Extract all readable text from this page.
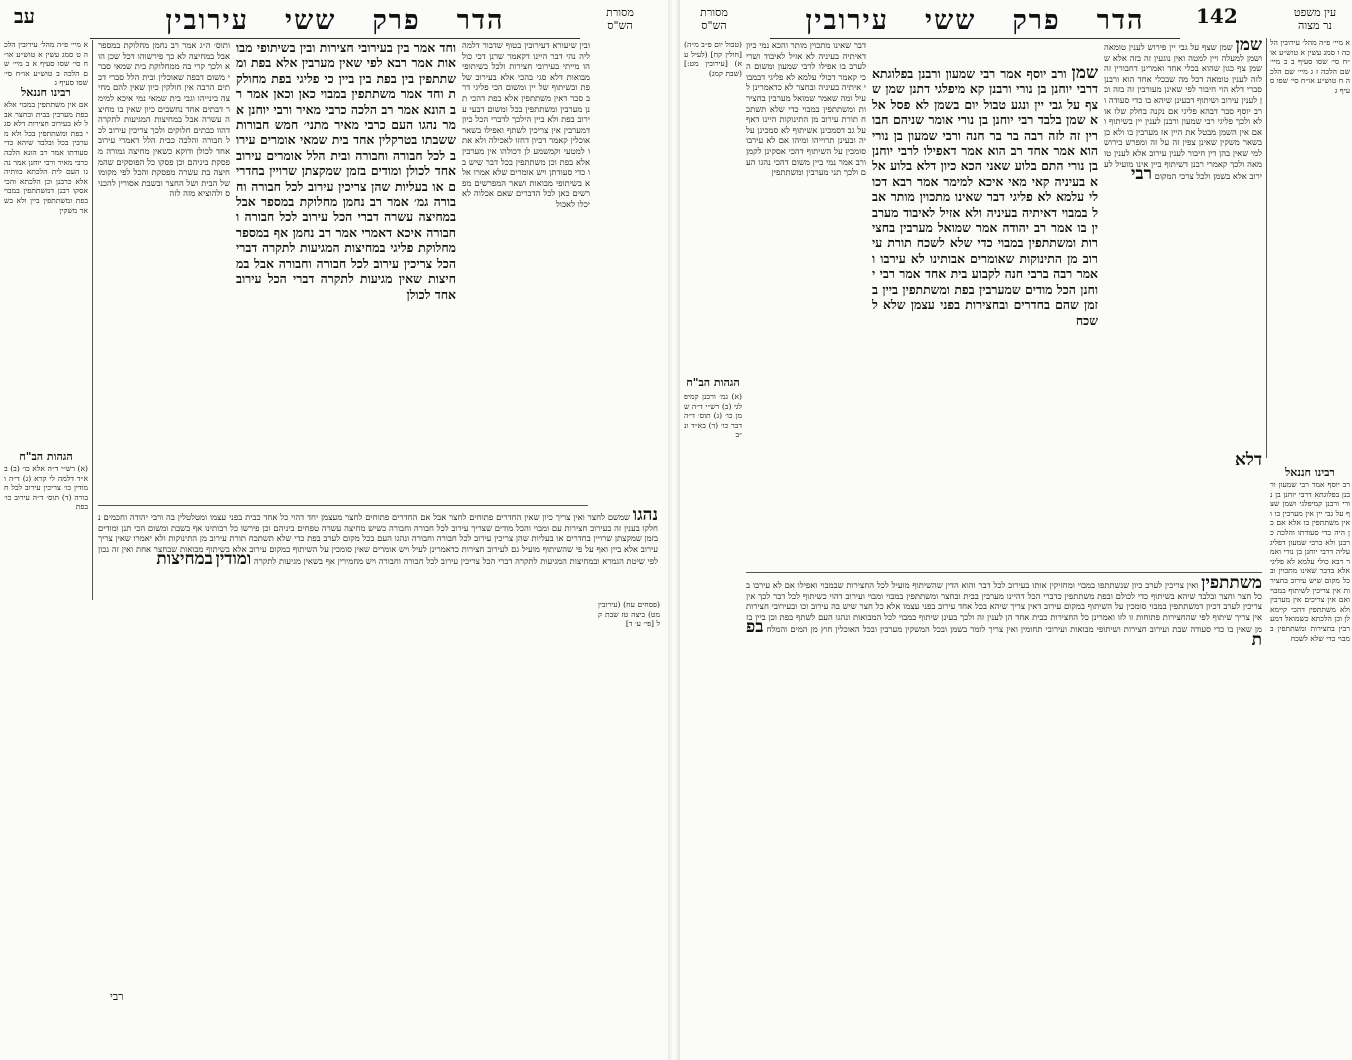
עב	הדר
פרק
ששי
עירובין	מסורת
הש"ס
א מיי׳ פ״ה מהל׳ עירובין הלכה ט סמג עשין א טוש״ע או״ח סי׳ שסו סעיף א ב מיי׳ שם הלכה ב טוש״ע או״ח סי׳ שסו סעיף ג
רבינו חננאל
אם אין משתתפין במבוי אלא בפת מערבין בבית ובחצר אבל לא בעירוב חצירות דלא סגי בפת ומשתתפין בכל ולא מערבין בכל ובלבד שיהא כדי סעודתו אמר רב הונא הלכה כרבי מאיר ורבי יוחנן אמר נהגו העם לית הלכתא כוותיה אלא כרבנן וכן הלכתא והכי אסקו רבנן דמשתתפין במבוי בפת ומשתתפין ביין ולא בשאר משקין
הגהות הב"ח
(א) רש״י ד״ה אלא כו׳ (ב) בא״ד דלמה לי קרא (ג) ד״ה ומודין כו׳ צריכין עירוב לכל חבורה (ד) תוס׳ ד״ה עירוב כו׳ בפת
ותוס׳ ה״ג אמר רב נחמן מחלוקת במספר אבל במחיצה לא כך פירשוהו דכל שכן הוא ולכך קרי בה ממחלוקת בית שמאי סברי משום דבפה שאוכלין ובית הלל סברי דבתים הרבה אין חולקין כיון שאין להם מחיצה בינייהו וגבי בית שמאי נמי איכא למימר דבתים אחד נחשבים כיון שאין בו מחיצה עשרה אבל במחיצות המגיעות לתקרה דהוו כבתים חלוקים ולכך צריכין עירוב לכל חבורה והלכה כבית הלל דאמרי עירוב אחד לכולן ודוקא כשאין מחיצה גמורה מפסקת ביניהם וכן פסקו כל הפוסקים שהמחיצה בת עשרה מפסקת והכל לפי מקומו של הבית ושל החצר ובשבת אסורין להכניס ולהוציא מזה לזה
וחד אמר בין בעירובי חצירות ובין בשיתופי מבואות אמר רבא לפי שאין מערבין אלא בפת ומשתתפין בין בפת בין ביין כי פליגי בפת מחולקת וחד אמר משתתפין במבוי כאן וכאן אמר רב הונא אמר רב הלכה כרבי מאיר ורבי יוחנן אמר נהגו העם כרבי מאיר מתני׳ חמש חבורות ששבתו בטרקלין אחד בית שמאי אומרים עירוב לכל חבורה וחבורה ובית הלל אומרים עירוב אחד לכולן ומודים בזמן שמקצתן שרויין בחדרים או בעליות שהן צריכין עירוב לכל חבורה וחבורה גמ׳ אמר רב נחמן מחלוקת במספר אבל במחיצה עשרה דברי הכל עירוב לכל חבורה וחבורה איכא דאמרי אמר רב נחמן אף במספר מחלוקת פליגי במחיצות המגיעות לתקרה דברי הכל צריכין עירוב לכל חבורה וחבורה אבל במחיצות שאין מגיעות לתקרה דברי הכל עירוב אחד לכולן
ובין שיעורא דעירובין בטוף שדבור דלמה ליה נהי דבר היינו דקאמר שרנן דכי כולהו מייתי בעירובי חצירות ולכל בשיתופי מבואות דלא סגי בהכי אלא בעירוב של פת ובשיתוף של יין ומשום הכי פליגי דרב סבר דאין משתתפין אלא בפת דהכי תנן מערבין ומשתתפין בכל ומשום דבעי עירוב בפת ולא ביין הילכך לדברי הכל כיון דמערבין אין צריכין לשתף ואפילו בשאר אוכלין קאמר דכיון דחזו לאכילה ולא אתו למטעי וקמשמע לן דכולהו אין מערבין אלא בפת וכן משתתפין בכל דבר שיש בו כדי סעודתן ויש אומרים שלא אמרו אלא בשיתופי מבואות ושאר המפרשים מפרשים כאן לכל הדברים שאם אכלוה לא יכלו לאכול
(פסחים עח) (עירובין מט) ביצה טז שבת קל [פי׳ ע׳ ד]
נהגו שמשם לחצר ואין צריך כיון שאין החדרים פתוחים לחצר אבל אם החדרים פתוחים לחצר מעצמן יחד דהוי כל אחד כבית בפני עצמו ומטלטלין בה ורבי יהודה וחכמים נחלקו בענין זה בעירוב חצירות עם ומבוי והכל מודים שצריך עירוב לכל חבורה וחבורה כשיש מחיצה עשרה טפחים ביניהם וכן פירשו כל רבותינו אף בשבת ומשום הכי תנן ומודים בזמן שמקצתן שרויין בחדרים או בעליות שהן צריכין עירוב לכל חבורה וחבורה ונהגו העם בכל מקום לערב בפת כדי שלא תשתכח תורת עירוב מן התינוקות ולא יאמרו שאין צריך עירוב אלא ביין ואף על פי שהשיתוף מועיל גם לעירוב חצירות כדאמרינן לעיל ויש אומרים שאין סומכין על השיתוף במקום עירוב אלא בשיתוף מבואות שבחצר אחת ואין זה נכון לפי שיטת הגמרא ובמחיצות המגיעות לתקרה דברי הכל צריכין עירוב לכל חבורה וחבורה ויש מחמירין אף בשאין מגיעות לתקרה ומודין במחיצות
רבי
142
הדר
פרק
ששי
עירובין
מסורת
הש"ס
עין משפט
נר מצוה
א מיי׳ פ״ה מהל׳ עירובין הלכה ו סמג עשין א טוש״ע או״ח סי׳ שסו סעיף ב ב מיי׳ שם הלכה ז ג מיי׳ שם הלכה ח טוש״ע או״ח סי׳ שפו סעיף ג
רבינו חננאל
רב יוסף אמר רבי שמעון ורבנן בפלוגתא דרבי יוחנן בן נורי ורבנן קמיפלגי ושמן שצף על גבי יין אין מערבין בו ואין משתתפין בו אלא אם כן היה כדי סעודתו והלכה כרבנן ולא כרבי שמעון דפליג עליה דרבי יוחנן בן נורי ואמר רבא כולי עלמא לא פליגי אלא בדבר שאינו מתכוין ובכל מקום שיש עירוב בחצירות אין צריכין לשיתוף במבוי ואם אין צריכים אין מערבין ולא משתתפין דהכי קיימא לן וכן הלכתא כשמואל דמערבין בחצירות ומשתתפין במבוי כדי שלא לשכח
(טבול יום פ״ב מ״ה) [חולין קח] (לעיל עא) [עירובין מט:] (שבת קמג)
הגהות הב"ח
(א) גמ׳ ורבנן קמיפלגי (ב) רש״י ד״ה שמן כו׳ (ג) תוס׳ ד״ה דבר כו׳ (ד) בא״ד ונ״ב
דבר שאינו מתכוין מותר והכא נמי כיון דאיתיה בעיניה לא אזיל לאיבוד ושרי לערב בו אפילו לרבי שמעון ומשום הכי קאמר דכולי עלמא לא פליגי דבמבוי איתיה בעיניה ובחצר לא כדאמרינן לעיל ומה שאמר שמואל מערבין בחצירות ומשתתפין במבוי כדי שלא תשתכח תורת עירוב מן התינוקות היינו דאף על גב דסמכינן אשיתוף לא סמכינן עליה ובעינן תרוייהו ומיהו אם לא עירבו סומכין על השיתוף דהכי אסקינן לקמן ורב אמר נמי ביין משום דהכי נהגו העם ולכך תני מערבין ומשתתפין
שמן ורב יוסף אמר רבי שמעון ורבנן בפלוגתא דרבי יוחנן בן נורי ורבנן קא מיפלגי דתנן שמן שצף על גבי יין ונגע טבול יום בשמן לא פסל אלא שמן בלבד רבי יוחנן בן נורי אומר שניהם חבורין זה לזה רבה בר בר חנה ורבי שמעון בן נורי הוא אמר אחד רב הוא אמר דאפילו לרבי יוחנן בן נורי התם בלוע שאני הכא כיון דלא בלוע אלא בעיניה קאי מאי איכא למימר אמר רבא דכולי עלמא לא פליגי דבר שאינו מתכוין מותר אבל במבוי דאיתיה בעיניה ולא אזיל לאיבוד מערבין בו אמר רב יהודה אמר שמואל מערבין בחצירות ומשתתפין במבוי כדי שלא לשכח תורת עירוב מן התינוקות שאומרים אבותינו לא עירבו ואמר רבה ברבי חנה לקבוע בית אחד אמר רבי יוחנן הכל מודים שמערבין בפת ומשתתפין ביין בזמן שהם בחדרים ובחצירות בפני עצמן שלא לשכח
שמן שמן שצף על גבי יין פירוש לענין טומאה ושמן למעלה ויין למטה ואין נוגעין זה בזה אלא ששמן צף כגון שהוא בכלי אחד ואמרינן דחבורין זה לזה לענין טומאה דכל מה שבכלי אחד הוא ורבנן סברי דלא הוי חיבור לפי שאינן מעורבין זה בזה וכן לענין עירוב ושיתוף דבעינן שיהא בו כדי סעודה ורב יוסף סבר דבהא פליגי אם נקנה בחלק שלו או לא ולכך פליגי רבי שמעון ורבנן לענין יין בשיתוף ואם אין השמן מבטל את היין אז מערבין בו ולא כן בשאר משקין שאינן צפין זה על זה ומפרש בירושלמי שאין בהן דין חיבור לענין עירוב אלא לענין טומאה ולכך קאמרי רבנן דשיתוף ביין אינו מועיל לעירוב אלא בשמן ולכל צרכי המקום רבי
דלא
משתתפין ואין צריכין לערב כיון שנשתתפו במבוי ומחזיקין אותו בעירוב לכל דבר והוא הדין שהשיתוף מועיל לכל החצירות שבמבוי ואפילו אם לא עירבו בכל חצר וחצר ובלבד שיהא בשיתוף כדי לכולם ובפת משתתפין כדברי הכל דהיינו מערבין בבית ובחצר ומשתתפין במבוי ומבוי ועירוב דהוי כשיתוף לכל דבר לכך אין צריכין לערב דכיון דמשתתפין במבוי סומכין על השיתוף במקום עירוב דאין צריך שיהא בכל אחד עירוב בפני עצמו אלא כל חצר שיש בה עירוב וכו ובעירובי חצירות אין צריך שיתוף לפי שהחצירות פתוחות זו לזו ואמרינן כל החצירות כבית אחד הן לענין זה ולכך בעינן שיתוף במבוי לכל המבואות ונהגו העם לשתף בפת וכן ביין בזמן שאין בו כדי סעודה שבת ועירוב חצירות ושיתופי מבואות ועירובי תחומין ואין צריך לומר בשמן ובכל המשקין מערבין ובכל האוכלין חוץ מן המים והמלח בפת
